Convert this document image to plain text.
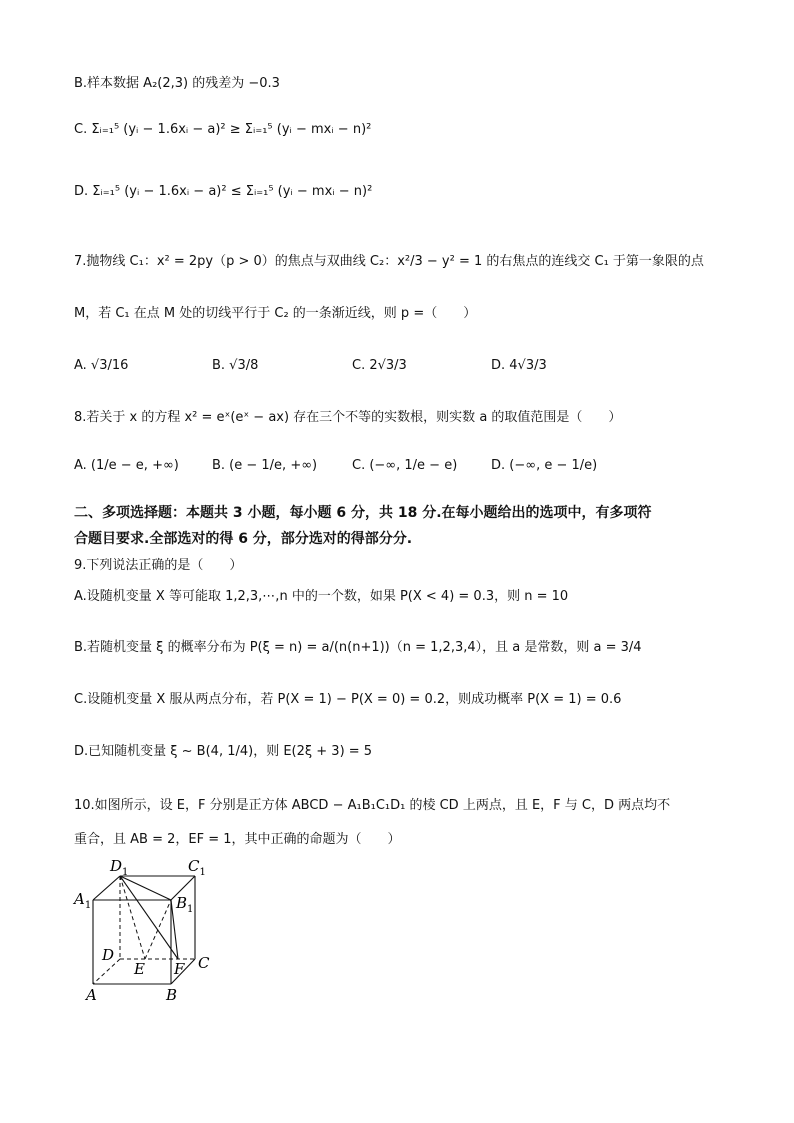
B.样本数据 A₂(2,3) 的残差为 −0.3
C. Σᵢ₌₁⁵ (yᵢ − 1.6xᵢ − a)² ≥ Σᵢ₌₁⁵ (yᵢ − mxᵢ − n)²
D. Σᵢ₌₁⁵ (yᵢ − 1.6xᵢ − a)² ≤ Σᵢ₌₁⁵ (yᵢ − mxᵢ − n)²
7.抛物线 C₁：x² = 2py（p > 0）的焦点与双曲线 C₂：x²/3 − y² = 1 的右焦点的连线交 C₁ 于第一象限的点
M，若 C₁ 在点 M 处的切线平行于 C₂ 的一条渐近线，则 p =（　　）
A. √3/16	B. √3/8	C. 2√3/3	D. 4√3/3
8.若关于 x 的方程 x² = eˣ(eˣ − ax) 存在三个不等的实数根，则实数 a 的取值范围是（　　）
A. (1/e − e, +∞)	B. (e − 1/e, +∞)	C. (−∞, 1/e − e)	D. (−∞, e − 1/e)
二、多项选择题：本题共 3 小题，每小题 6 分，共 18 分.在每小题给出的选项中，有多项符
合题目要求.全部选对的得 6 分，部分选对的得部分分.
9.下列说法正确的是（　　）
A.设随机变量 X 等可能取 1,2,3,⋯,n 中的一个数，如果 P(X < 4) = 0.3，则 n = 10
B.若随机变量 ξ 的概率分布为 P(ξ = n) = a/(n(n+1))（n = 1,2,3,4），且 a 是常数，则 a = 3/4
C.设随机变量 X 服从两点分布，若 P(X = 1) − P(X = 0) = 0.2，则成功概率 P(X = 1) = 0.6
D.已知随机变量 ξ ~ B(4, 1/4)，则 E(2ξ + 3) = 5
10.如图所示，设 E，F 分别是正方体 ABCD − A₁B₁C₁D₁ 的棱 CD 上两点，且 E，F 与 C，D 两点均不
重合，且 AB = 2，EF = 1，其中正确的命题为（　　）
$D_1$	$C_1$
$A_1$	$B_1$
D
E F C
A	B
